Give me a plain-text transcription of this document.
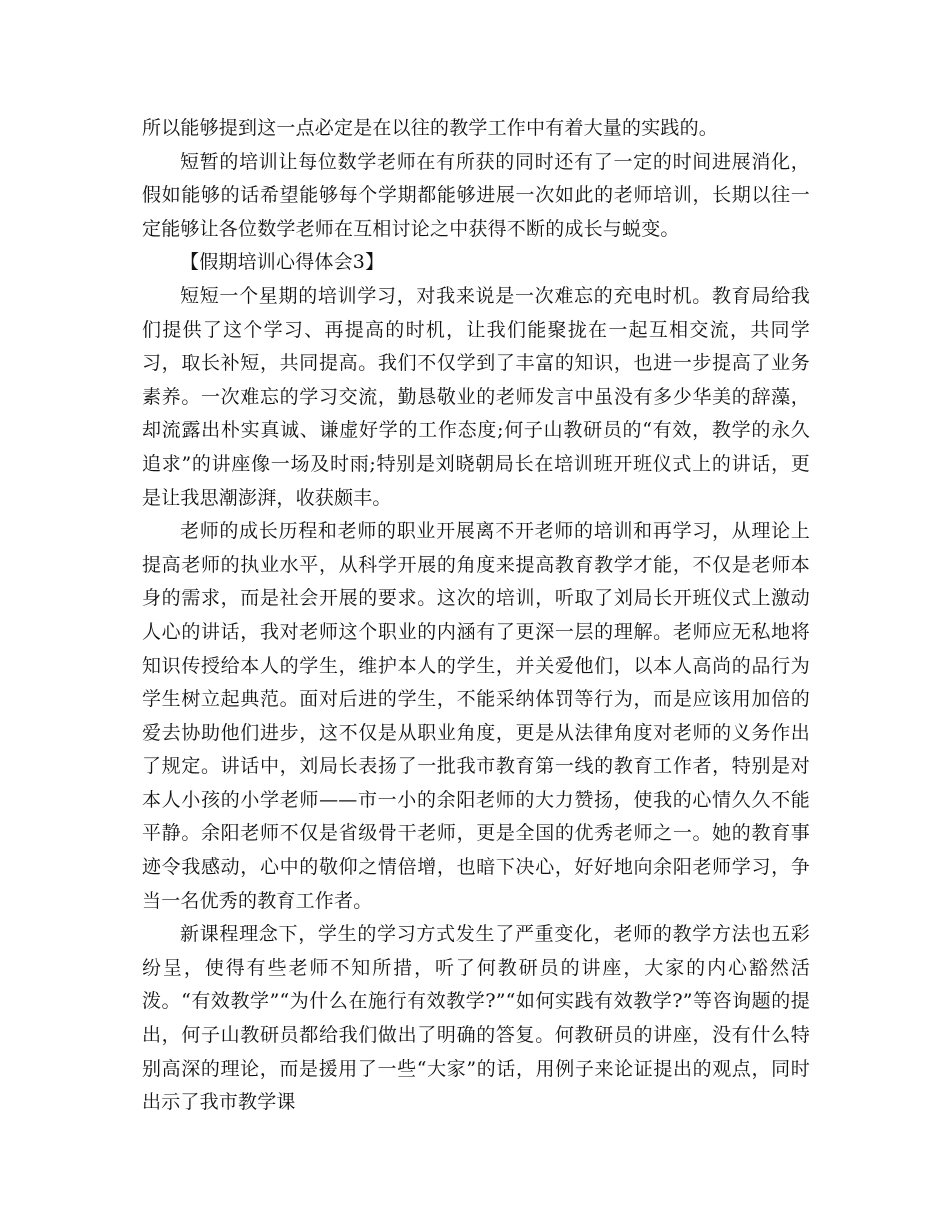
所以能够提到这一点必定是在以往的教学工作中有着大量的实践的。

短暂的培训让每位数学老师在有所获的同时还有了一定的时间进展消化，假如能够的话希望能够每个学期都能够进展一次如此的老师培训，长期以往一定能够让各位数学老师在互相讨论之中获得不断的成长与蜕变。

【假期培训心得体会3】

短短一个星期的培训学习，对我来说是一次难忘的充电时机。教育局给我们提供了这个学习、再提高的时机，让我们能聚拢在一起互相交流，共同学习，取长补短，共同提高。我们不仅学到了丰富的知识，也进一步提高了业务素养。一次难忘的学习交流，勤恳敬业的老师发言中虽没有多少华美的辞藻，却流露出朴实真诚、谦虚好学的工作态度;何子山教研员的“有效，教学的永久追求”的讲座像一场及时雨;特别是刘晓朝局长在培训班开班仪式上的讲话，更是让我思潮澎湃，收获颇丰。

老师的成长历程和老师的职业开展离不开老师的培训和再学习，从理论上提高老师的执业水平，从科学开展的角度来提高教育教学才能，不仅是老师本身的需求，而是社会开展的要求。这次的培训，听取了刘局长开班仪式上激动人心的讲话，我对老师这个职业的内涵有了更深一层的理解。老师应无私地将知识传授给本人的学生，维护本人的学生，并关爱他们，以本人高尚的品行为学生树立起典范。面对后进的学生，不能采纳体罚等行为，而是应该用加倍的爱去协助他们进步，这不仅是从职业角度，更是从法律角度对老师的义务作出了规定。讲话中，刘局长表扬了一批我市教育第一线的教育工作者，特别是对本人小孩的小学老师——市一小的余阳老师的大力赞扬，使我的心情久久不能平静。余阳老师不仅是省级骨干老师，更是全国的优秀老师之一。她的教育事迹令我感动，心中的敬仰之情倍增，也暗下决心，好好地向余阳老师学习，争当一名优秀的教育工作者。

新课程理念下，学生的学习方式发生了严重变化，老师的教学方法也五彩纷呈，使得有些老师不知所措，听了何教研员的讲座，大家的内心豁然活泼。“有效教学”“为什么在施行有效教学?”“如何实践有效教学?”等咨询题的提出，何子山教研员都给我们做出了明确的答复。何教研员的讲座，没有什么特别高深的理论，而是援用了一些“大家”的话，用例子来论证提出的观点，同时出示了我市教学课
